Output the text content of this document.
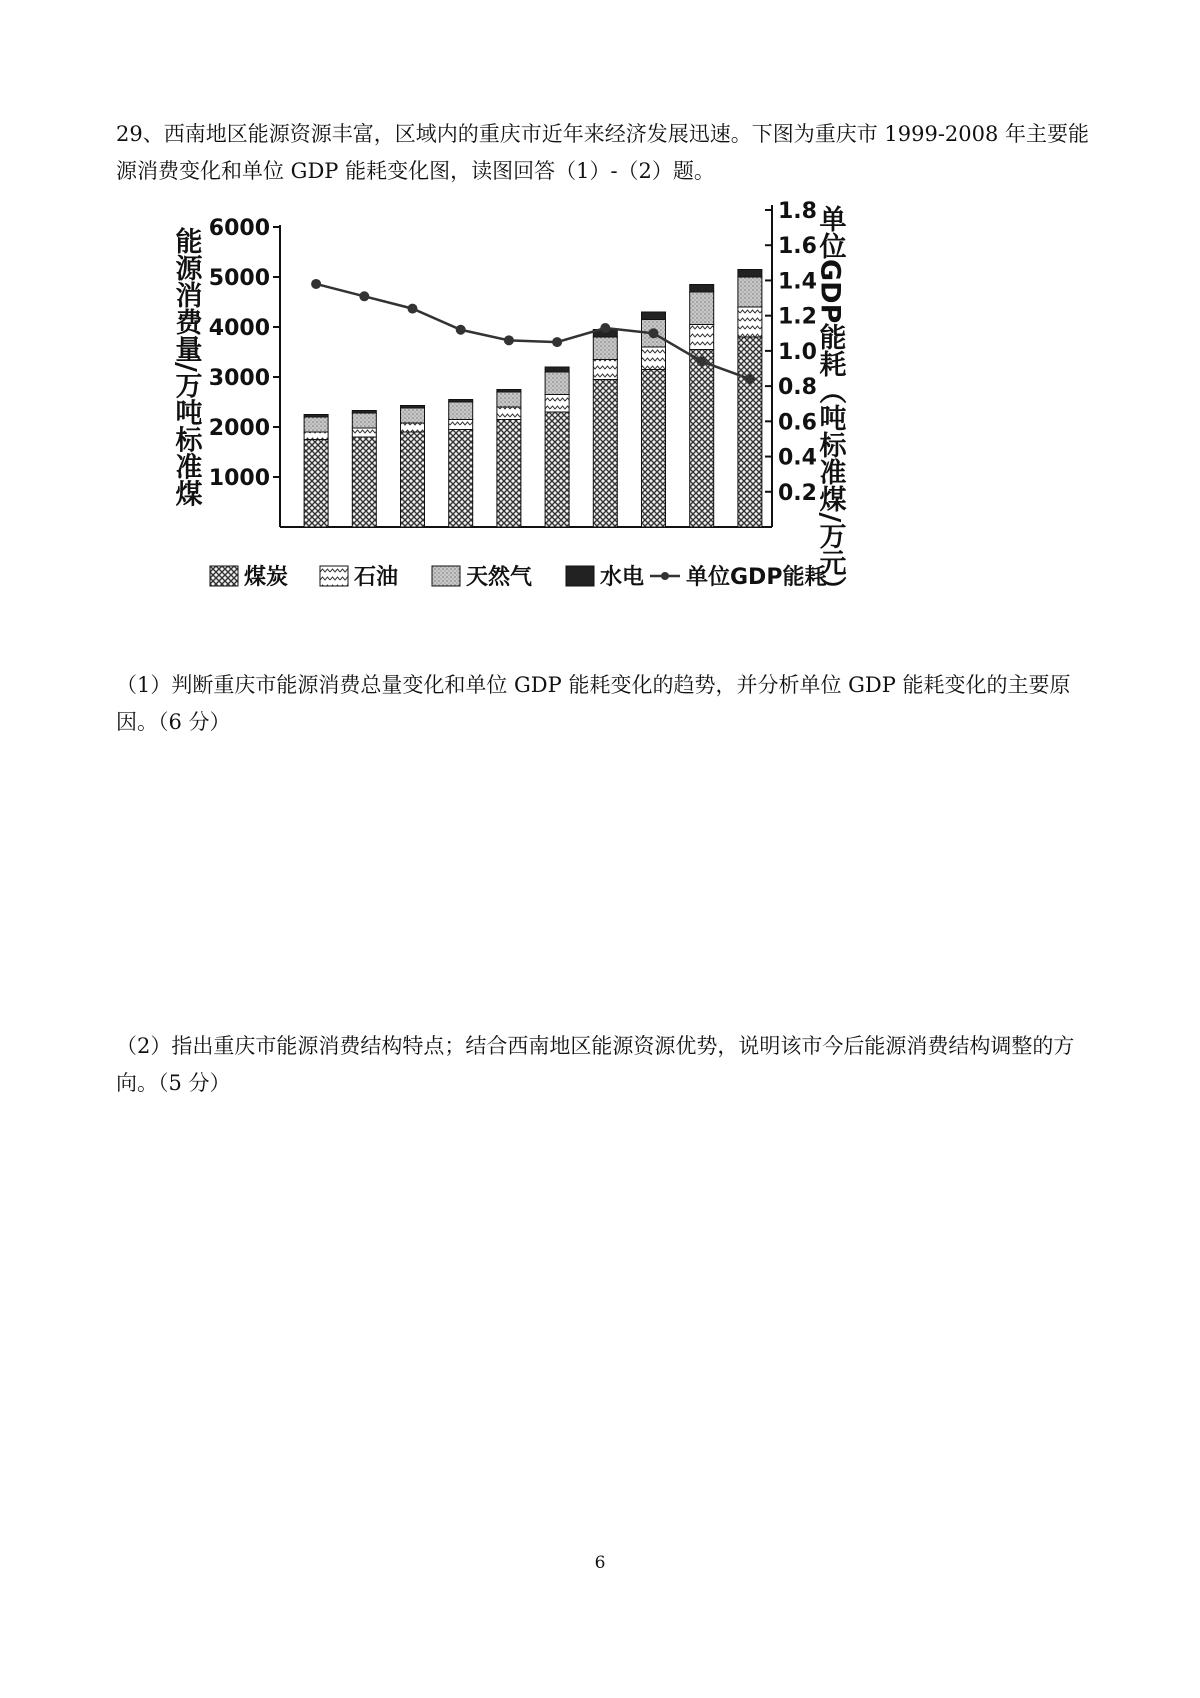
29、西南地区能源资源丰富，区域内的重庆市近年来经济发展迅速。下图为重庆市 1999-2008 年主要能源消费变化和单位 GDP 能耗变化图，读图回答（1）-（2）题。

1000
2000
3000
4000
5000
6000
0.2
0.4
0.6
0.8
1.0
1.2
1.4
1.6
1.8
能源消费量/万吨标准煤	单位GDP能耗（吨标准煤/万元）
煤炭	石油	天然气	水电 单位GDP能耗

（1）判断重庆市能源消费总量变化和单位 GDP 能耗变化的趋势，并分析单位 GDP 能耗变化的主要原因。（6 分）

（2）指出重庆市能源消费结构特点；结合西南地区能源资源优势，说明该市今后能源消费结构调整的方向。（5 分）

6
